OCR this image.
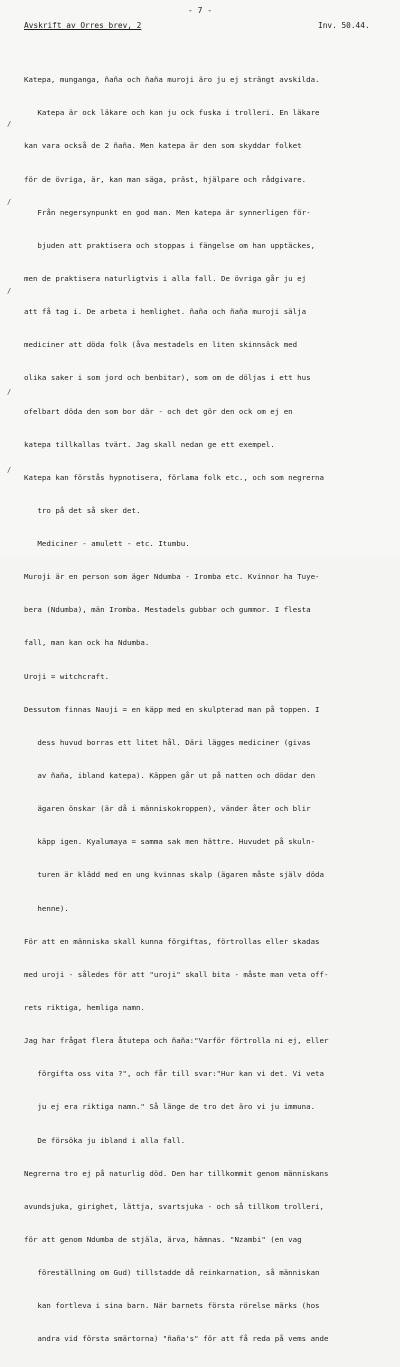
- 7 -
Avskrift av Orres brev, 2	Inv. 50.44.

Katepa, munganga, ñaña och ñaña muroji äro ju ej strängt avskilda.

Katepa är ock läkare och kan ju ock fuska i trolleri. En läkare

kan vara också de 2 ñaña. Men katepa är den som skyddar folket

för de övriga, är, kan man säga, präst, hjälpare och rådgivare.

Från negersynpunkt en god man. Men katepa är synnerligen för-

bjuden att praktisera och stoppas i fängelse om han upptäckes,

men de praktisera naturligtvis i alla fall. De övriga går ju ej

att få tag i. De arbeta i hemlighet. ñaña och ñaña muroji sälja

mediciner att döda folk (åva mestadels en liten skinnsäck med

olika saker i som jord och benbitar), som om de döljas i ett hus

ofelbart döda den som bor där - och det gör den ock om ej en

katepa tillkallas tvärt. Jag skall nedan ge ett exempel.

Katepa kan förstås hypnotisera, förlama folk etc., och som negrerna

tro på det så sker det.

Mediciner - amulett - etc. Itumbu.

Muroji är en person som äger Ndumba - Iromba etc. Kvinnor ha Tuye-

bera (Ndumba), män Iromba. Mestadels gubbar och gummor. I flesta

fall, man kan ock ha Ndumba.

Uroji = witchcraft.

Dessutom finnas Nauji = en käpp med en skulpterad man på toppen. I

dess huvud borras ett litet hål. Däri lägges mediciner (givas

av ñaña, ibland katepa). Käppen går ut på natten och dödar den

ägaren önskar (är då i människokroppen), vänder åter och blir

käpp igen. Kyalumaya = samma sak men hättre. Huvudet på skuln-

turen är klädd med en ung kvinnas skalp (ägaren måste själv döda

henne).

För att en människa skall kunna förgiftas, förtrollas eller skadas

med uroji - således för att "uroji" skall bita - måste man veta off-

rets riktiga, hemliga namn.

Jag har frågat flera åtutepa och ñaña:"Varför förtrolla ni ej, eller

förgifta oss vita ?", och får till svar:"Hur kan vi det. Vi veta

ju ej era riktiga namn." Så länge de tro det äro vi ju immuna.

De försöka ju ibland i alla fall.

Negrerna tro ej på naturlig död. Den har tillkommit genom människans

avundsjuka, girighet, lättja, svartsjuka - och så tillkom trolleri,

för att genom Ndumba de stjäla, ärva, hämnas. "Nzambi" (en vag

föreställning om Gud) tillstadde då reinkarnation, så människan

kan fortleva i sina barn. När barnets första rörelse märks (hos

andra vid första smärtorna) "ñaña's" för att få reda på vems ande

/
/
/
/
/
